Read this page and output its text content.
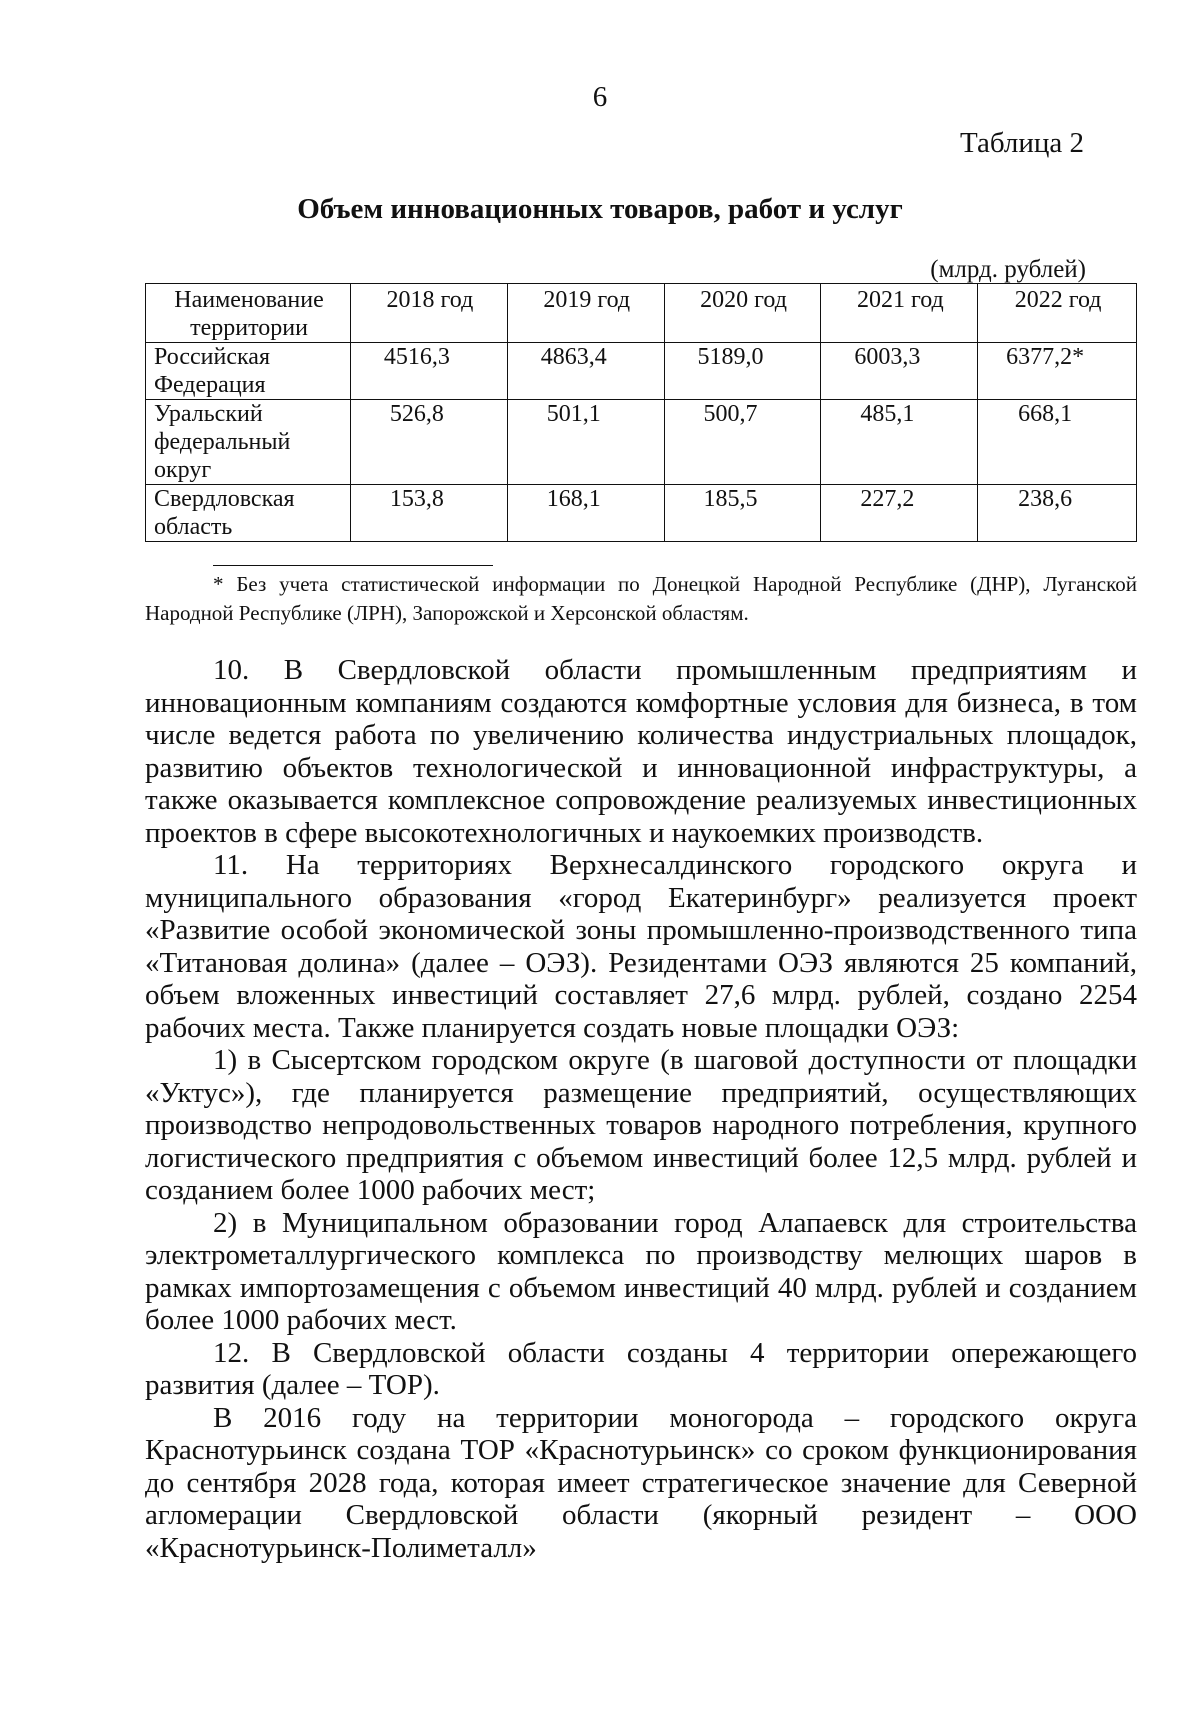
6
Таблица 2
Объем инновационных товаров, работ и услуг
(млрд. рублей)
Наименование территории	2018 год	2019 год	2020 год	2021 год	2022 год
Российская Федерация	4516,3	4863,4	5189,0	6003,3	6377,2*
Уральский федеральный округ	526,8	501,1	500,7	485,1	668,1
Свердловская область	153,8	168,1	185,5	227,2	238,6

* Без учета статистической информации по Донецкой Народной Республике (ДНР), Луганской Народной Республике (ЛРН), Запорожской и Херсонской областям.

10. В Свердловской области промышленным предприятиям и инновационным компаниям создаются комфортные условия для бизнеса, в том числе ведется работа по увеличению количества индустриальных площадок, развитию объектов технологической и инновационной инфраструктуры, а также оказывается комплексное сопровождение реализуемых инвестиционных проектов в сфере высокотехнологичных и наукоемких производств.

11. На территориях Верхнесалдинского городского округа и муниципального образования «город Екатеринбург» реализуется проект «Развитие особой экономической зоны промышленно-производственного типа «Титановая долина» (далее – ОЭЗ). Резидентами ОЭЗ являются 25 компаний, объем вложенных инвестиций составляет 27,6 млрд. рублей, создано 2254 рабочих места. Также планируется создать новые площадки ОЭЗ:

1) в Сысертском городском округе (в шаговой доступности от площадки «Уктус»), где планируется размещение предприятий, осуществляющих производство непродовольственных товаров народного потребления, крупного логистического предприятия с объемом инвестиций более 12,5 млрд. рублей и созданием более 1000 рабочих мест;

2) в Муниципальном образовании город Алапаевск для строительства электрометаллургического комплекса по производству мелющих шаров в рамках импортозамещения с объемом инвестиций 40 млрд. рублей и созданием более 1000 рабочих мест.

12. В Свердловской области созданы 4 территории опережающего развития (далее – ТОР).

В 2016 году на территории моногорода – городского округа Краснотурьинск создана ТОР «Краснотурьинск» со сроком функционирования до сентября 2028 года, которая имеет стратегическое значение для Северной агломерации Свердловской области (якорный резидент – ООО «Краснотурьинск-Полиметалл»
